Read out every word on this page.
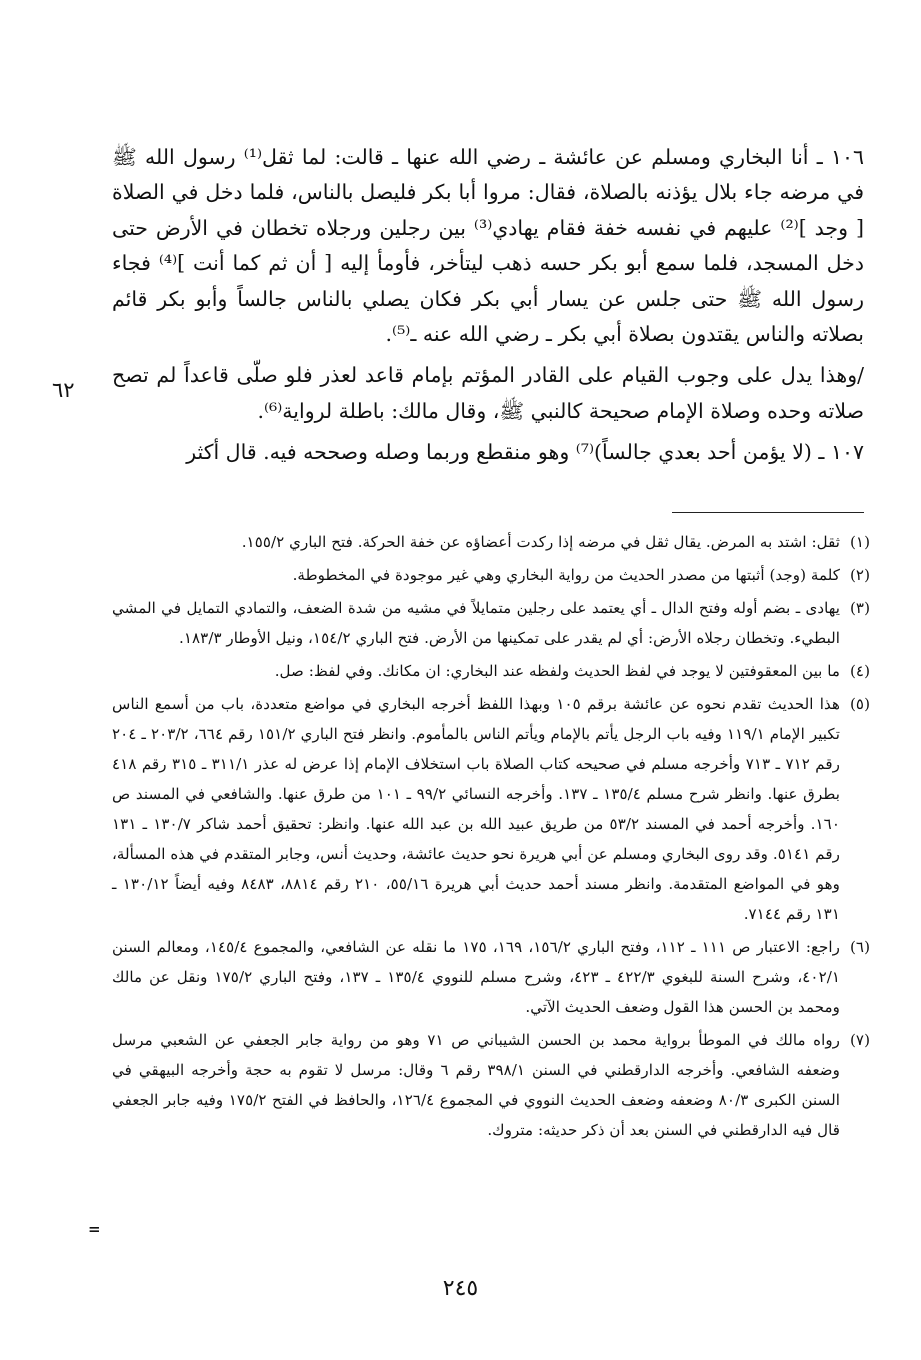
١٠٦ ـ أنا البخاري ومسلم عن عائشة ـ رضي الله عنها ـ قالت: لما ثقل⁽¹⁾ رسول الله ﷺ في مرضه جاء بلال يؤذنه بالصلاة، فقال: مروا أبا بكر فليصل بالناس، فلما دخل في الصلاة [ وجد ]⁽²⁾ عليهم في نفسه خفة فقام يهادي⁽³⁾ بين رجلين ورجلاه تخطان في الأرض حتى دخل المسجد، فلما سمع أبو بكر حسه ذهب ليتأخر، فأومأ إليه [ أن ثم كما أنت ]⁽⁴⁾ فجاء رسول الله ﷺ حتى جلس عن يسار أبي بكر فكان يصلي بالناس جالساً وأبو بكر قائم بصلاته والناس يقتدون بصلاة أبي بكر ـ رضي الله عنه ـ⁽⁵⁾.

/وهذا يدل على وجوب القيام على القادر المؤتم بإمام قاعد لعذر فلو صلّى قاعداً لم تصح صلاته وحده وصلاة الإمام صحيحة كالنبي ﷺ، وقال مالك: باطلة لرواية⁽⁶⁾.

١٠٧ ـ (لا يؤمن أحد بعدي جالساً)⁽⁷⁾ وهو منقطع وربما وصله وصححه فيه. قال أكثر

٦٢
(١)
ثقل: اشتد به المرض. يقال ثقل في مرضه إذا ركدت أعضاؤه عن خفة الحركة. فتح الباري ١٥٥/٢.
(٢)
كلمة (وجد) أثبتها من مصدر الحديث من رواية البخاري وهي غير موجودة في المخطوطة.
(٣)
يهادى ـ بضم أوله وفتح الدال ـ أي يعتمد على رجلين متمايلاً في مشيه من شدة الضعف، والتمادي التمايل في المشي البطيء. وتخطان رجلاه الأرض: أي لم يقدر على تمكينها من الأرض. فتح الباري ١٥٤/٢، ونيل الأوطار ١٨٣/٣.
(٤)
ما بين المعقوفتين لا يوجد في لفظ الحديث ولفظه عند البخاري: ان مكانك. وفي لفظ: صل.
(٥)
هذا الحديث تقدم نحوه عن عائشة برقم ١٠٥ وبهذا اللفظ أخرجه البخاري في مواضع متعددة، باب من أسمع الناس تكبير الإمام ١١٩/١ وفيه باب الرجل يأتم بالإمام ويأتم الناس بالمأموم. وانظر فتح الباري ١٥١/٢ رقم ٦٦٤، ٢٠٣/٢ ـ ٢٠٤ رقم ٧١٢ ـ ٧١٣ وأخرجه مسلم في صحيحه كتاب الصلاة باب استخلاف الإمام إذا عرض له عذر ٣١١/١ ـ ٣١٥ رقم ٤١٨ بطرق عنها. وانظر شرح مسلم ١٣٥/٤ ـ ١٣٧. وأخرجه النسائي ٩٩/٢ ـ ١٠١ من طرق عنها. والشافعي في المسند ص ١٦٠. وأخرجه أحمد في المسند ٥٣/٢ من طريق عبيد الله بن عبد الله عنها. وانظر: تحقيق أحمد شاكر ١٣٠/٧ ـ ١٣١ رقم ٥١٤١. وقد روى البخاري ومسلم عن أبي هريرة نحو حديث عائشة، وحديث أنس، وجابر المتقدم في هذه المسألة، وهو في المواضع المتقدمة. وانظر مسند أحمد حديث أبي هريرة ٥٥/١٦، ٢١٠ رقم ٨٨١٤، ٨٤٨٣ وفيه أيضاً ١٣٠/١٢ ـ ١٣١ رقم ٧١٤٤.
(٦)
راجع: الاعتبار ص ١١١ ـ ١١٢، وفتح الباري ١٥٦/٢، ١٦٩، ١٧٥ ما نقله عن الشافعي، والمجموع ١٤٥/٤، ومعالم السنن ٤٠٢/١، وشرح السنة للبغوي ٤٢٢/٣ ـ ٤٢٣، وشرح مسلم للنووي ١٣٥/٤ ـ ١٣٧، وفتح الباري ١٧٥/٢ ونقل عن مالك ومحمد بن الحسن هذا القول وضعف الحديث الآتي.
(٧)
رواه مالك في الموطأ برواية محمد بن الحسن الشيباني ص ٧١ وهو من رواية جابر الجعفي عن الشعبي مرسل وضعفه الشافعي. وأخرجه الدارقطني في السنن ٣٩٨/١ رقم ٦ وقال: مرسل لا تقوم به حجة وأخرجه البيهقي في السنن الكبرى ٨٠/٣ وضعفه وضعف الحديث النووي في المجموع ١٢٦/٤، والحافظ في الفتح ١٧٥/٢ وفيه جابر الجعفي قال فيه الدارقطني في السنن بعد أن ذكر حديثه: متروك.
=
٢٤٥
